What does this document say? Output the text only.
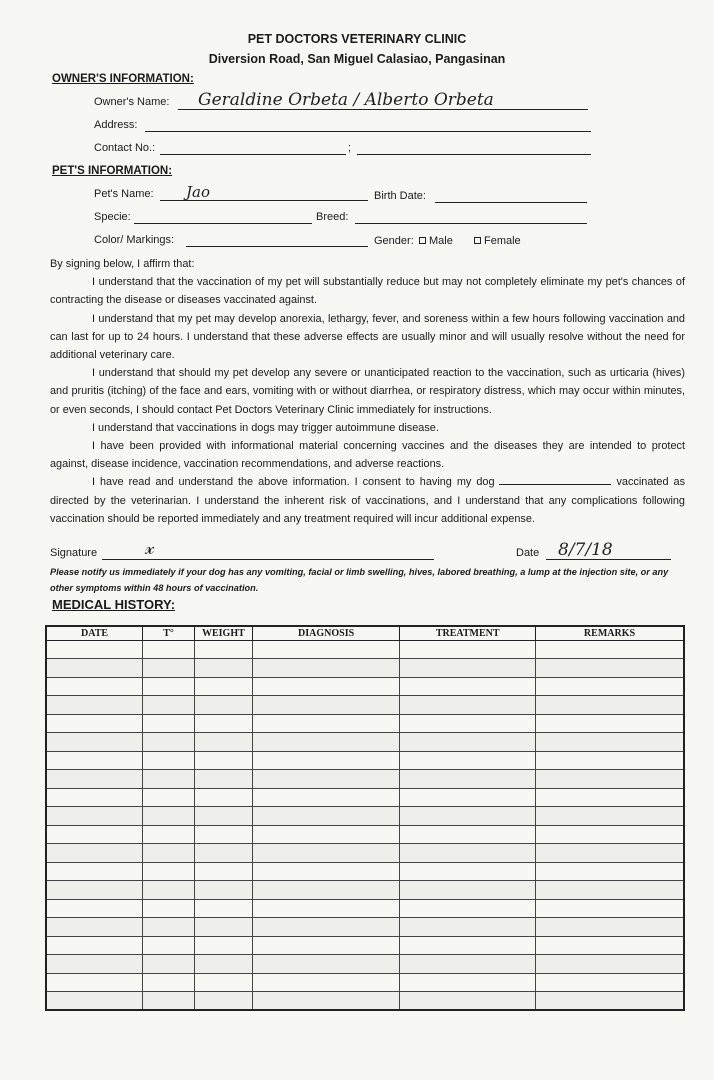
PET DOCTORS VETERINARY CLINIC
Diversion Road, San Miguel Calasiao, Pangasinan
OWNER'S INFORMATION:
Owner's Name: Geraldine Orbeta / Alberto Orbeta
Address:
Contact No.:	;
PET'S INFORMATION:
Pet's Name: Jao	Birth Date:
Specie:	Breed:
Color/ Markings:	Gender:	Male	Female

By signing below, I affirm that:

I understand that the vaccination of my pet will substantially reduce but may not completely eliminate my pet's chances of contracting the disease or diseases vaccinated against.

I understand that my pet may develop anorexia, lethargy, fever, and soreness within a few hours following vaccination and can last for up to 24 hours. I understand that these adverse effects are usually minor and will usually resolve without the need for additional veterinary care.

I understand that should my pet develop any severe or unanticipated reaction to the vaccination, such as urticaria (hives) and pruritis (itching) of the face and ears, vomiting with or without diarrhea, or respiratory distress, which may occur within minutes, or even seconds, I should contact Pet Doctors Veterinary Clinic immediately for instructions.

I understand that vaccinations in dogs may trigger autoimmune disease.

I have been provided with informational material concerning vaccines and the diseases they are intended to protect against, disease incidence, vaccination recommendations, and adverse reactions.

I have read and understand the above information. I consent to having my dog	vaccinated as directed by the veterinarian. I understand the inherent risk of vaccinations, and I understand that any complications following vaccination should be reported immediately and any treatment required will incur additional expense.

Signature 𝓍	Date 8/7/18
Please notify us immediately if your dog has any vomiting, facial or limb swelling, hives, labored breathing, a lump at the injection site, or any other symptoms within 48 hours of vaccination.
MEDICAL HISTORY:
DATE	T°	WEIGHT	DIAGNOSIS	TREATMENT	REMARKS
